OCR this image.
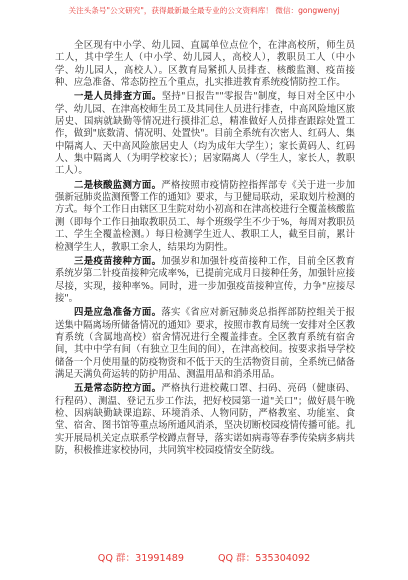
关注头条号"公文研究"，获得最新最全最专业的公文资料库！ 微信：gongwenyj

全区现有中小学、幼儿园、直属单位点位个，在津高校所，师生员工人，其中学生人（中小学、幼儿园人，高校人），教职员工人（中小学、幼儿园人，高校人）。区教育局紧抓人员排查、核酸监测、疫苗接种、应急准备、常态防控五个重点，扎实推进教育系统疫情防控工作。

一是人员排查方面。坚持"日报告""零报告"制度，每日对全区中小学、幼儿园、在津高校师生员工及其同住人员进行排查，中高风险地区旅居史、国病就缺勤等情况进行摸排汇总，精准做好人员排查跟踪处置工作，做到"底数清、情况明、处置快"。目前全系统有次密人、红码人、集中隔离人、天中高风险旅居史人（均为成年大学生）；家长黄码人、红码人、集中隔离人（为明学校家长）；居家隔离人（学生人，家长人，教职工人）。

二是核酸监测方面。严格按照市疫情防控指挥部专《关于进一步加强新冠肺炎监测预警工作的通知》要求，与卫健局联动，采取划片检测的方式。每个工作日由辖区卫生院对幼小初高和在津高校进行全覆盖核酸监测（即每个工作日抽取教职员工、每个班级学生不少于%，每周对教职员工、学生全覆盖检测。）每日检测学生近人、教职工人，截至目前，累计检测学生人，教职工余人，结果均为阴性。

三是疫苗接种方面。加强岁和加强针疫苗接种工作，目前全区教育系统岁第二针疫苗接种完成率%，已提前完成月日接种任务，加强针应接尽接，实现，接种率%。同时，进一步加强疫苗接种宣传，力争"应接尽接"。

四是应急准备方面。落实《省应对新冠肺炎总指挥部防控组关于报送集中隔离场所储备情况的通知》要求，按照市教育局统一安排对全区教育系统（含属地高校）宿舍情况进行全覆盖排查。全区教育系统有宿舍间，其中中学有间（有独立卫生间的间），在津高校间。按要求指导学校储备一个月使用量的防疫物资和不低于天的生活物资目前，全系统已储备满足天满负荷运转的防护用品、测温用品和消杀用品。

五是常态防控方面。严格执行进校戴口罩、扫码、亮码（健康码、行程码）、测温、登记五步工作法，把好校园第一道"关口"；做好晨午晚检、因病缺勤缺课追踪、环境消杀、人物同防，严格教室、功能室、食堂、宿舍、图书馆等重点场所通风消杀，坚决切断校园疫情传播可能。扎实开展局机关定点联系学校蹲点督导，落实诺如病毒等春季传染病多病共防，积极推进家校协同，共同筑牢校园疫情安全防线。

QQ 群：31991489	QQ 群：535304092
